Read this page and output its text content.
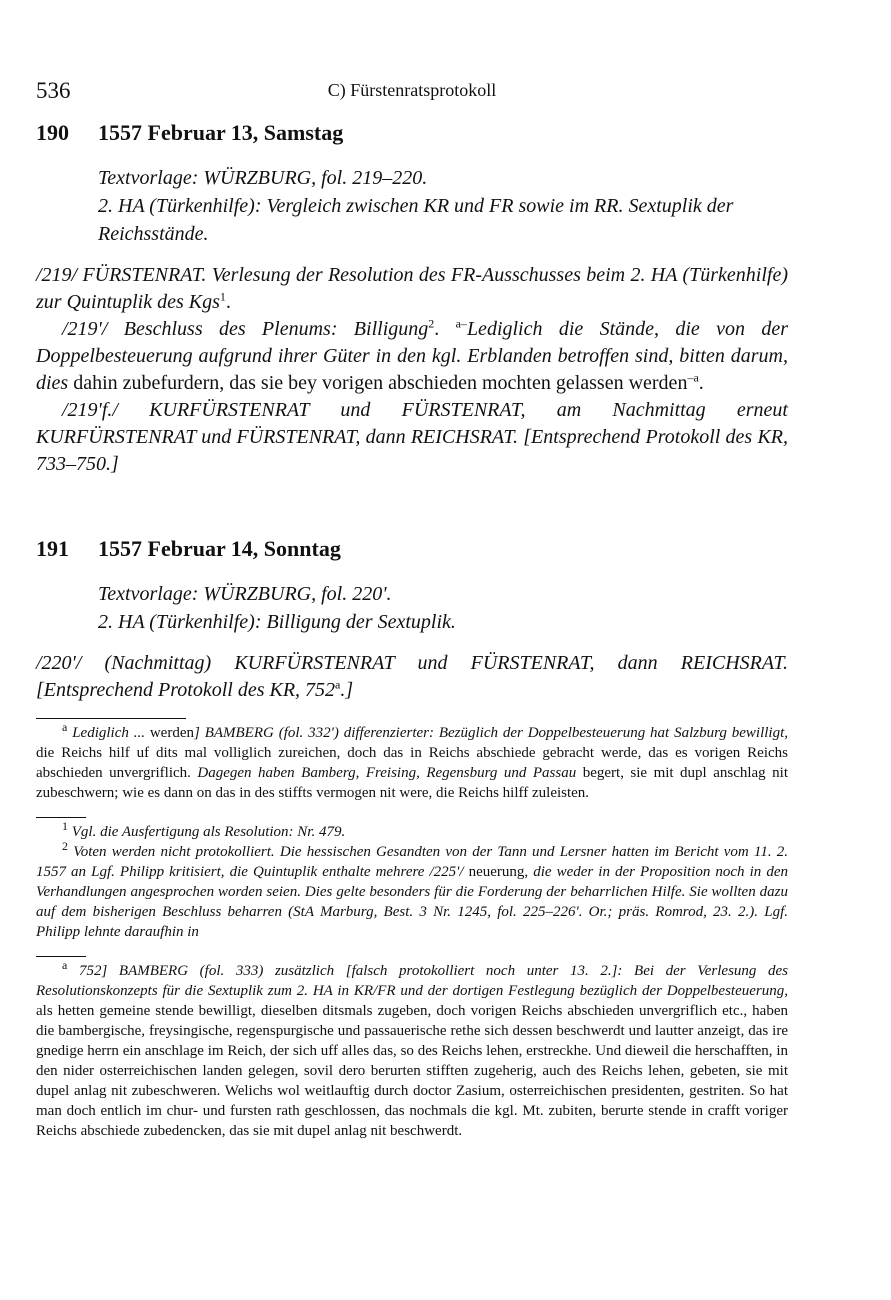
536	C) Fürstenratsprotokoll
190	1557 Februar 13, Samstag
Textvorlage: WÜRZBURG, fol. 219–220.
2. HA (Türkenhilfe): Vergleich zwischen KR und FR sowie im RR. Sextuplik der Reichsstände.

/219/ FÜRSTENRAT. Verlesung der Resolution des FR-Ausschusses beim 2. HA (Türkenhilfe) zur Quintuplik des Kgs$^1$.

/219'/ Beschluss des Plenums: Billigung$^2$. $^{a-}$Lediglich die Stände, die von der Doppelbesteuerung aufgrund ihrer Güter in den kgl. Erblanden betroffen sind, bitten darum, dies dahin zubefurdern, das sie bey vorigen abschieden mochten gelassen werden$^{-a}$.

/219'f./ KURFÜRSTENRAT und FÜRSTENRAT, am Nachmittag erneut KURFÜRSTENRAT und FÜRSTENRAT, dann REICHSRAT. [Entsprechend Protokoll des KR, 733–750.]

191	1557 Februar 14, Sonntag
Textvorlage: WÜRZBURG, fol. 220'.
2. HA (Türkenhilfe): Billigung der Sextuplik.

/220'/ (Nachmittag) KURFÜRSTENRAT und FÜRSTENRAT, dann REICHSRAT. [Entsprechend Protokoll des KR, 752$^a$.]

$^a$ Lediglich ... werden] BAMBERG (fol. 332') differenzierter: Bezüglich der Doppelbesteuerung hat Salzburg bewilligt, die Reichs hilf uf dits mal volliglich zureichen, doch das in Reichs abschiede gebracht werde, das es vorigen Reichs abschieden unvergriflich. Dagegen haben Bamberg, Freising, Regensburg und Passau begert, sie mit dupl anschlag nit zubeschwern; wie es dann on das in des stiffts vermogen nit were, die Reichs hilff zuleisten.

$^1$ Vgl. die Ausfertigung als Resolution: Nr. 479.

$^2$ Voten werden nicht protokolliert. Die hessischen Gesandten von der Tann und Lersner hatten im Bericht vom 11. 2. 1557 an Lgf. Philipp kritisiert, die Quintuplik enthalte mehrere /225'/ neuerung, die weder in der Proposition noch in den Verhandlungen angesprochen worden seien. Dies gelte besonders für die Forderung der beharrlichen Hilfe. Sie wollten dazu auf dem bisherigen Beschluss beharren (StA Marburg, Best. 3 Nr. 1245, fol. 225–226'. Or.; präs. Romrod, 23. 2.). Lgf. Philipp lehnte daraufhin in

$^a$ 752] BAMBERG (fol. 333) zusätzlich [falsch protokolliert noch unter 13. 2.]: Bei der Verlesung des Resolutionskonzepts für die Sextuplik zum 2. HA in KR/FR und der dortigen Festlegung bezüglich der Doppelbesteuerung, als hetten gemeine stende bewilligt, dieselben ditsmals zugeben, doch vorigen Reichs abschieden unvergriflich etc., haben die bambergische, freysingische, regenspurgische und passauerische rethe sich dessen beschwerdt und lautter anzeigt, das ire gnedige herrn ein anschlage im Reich, der sich uff alles das, so des Reichs lehen, erstreckhe. Und dieweil die herschafften, in den nider osterreichischen landen gelegen, sovil dero berurten stifften zugeherig, auch des Reichs lehen, gebeten, sie mit dupel anlag nit zubeschweren. Welichs wol weitlauftig durch doctor Zasium, osterreichischen presidenten, gestriten. So hat man doch entlich im chur- und fursten rath geschlossen, das nochmals die kgl. Mt. zubiten, berurte stende in crafft voriger Reichs abschiede zubedencken, das sie mit dupel anlag nit beschwerdt.
